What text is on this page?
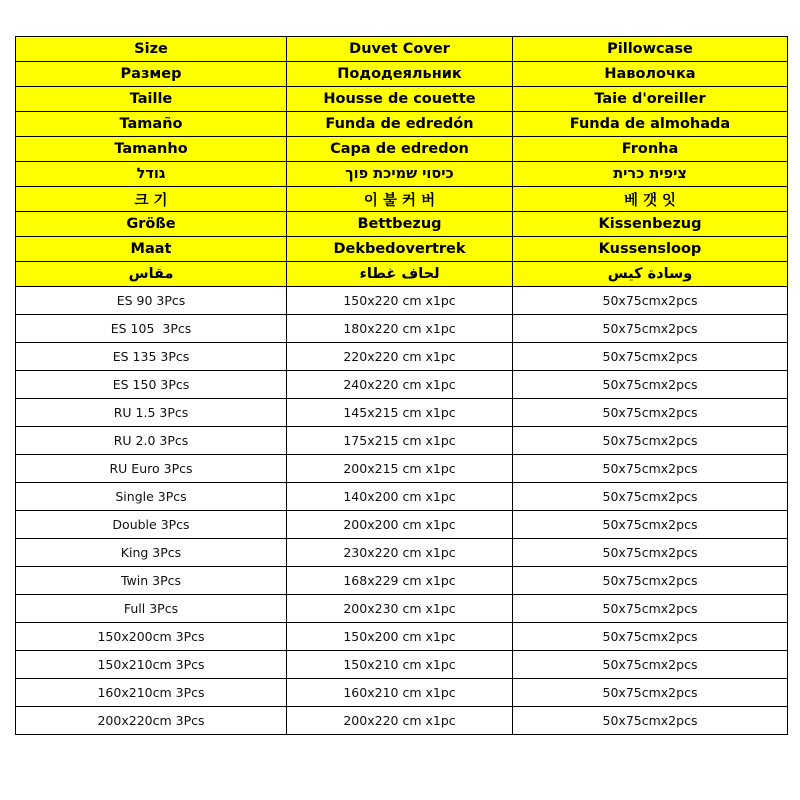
Size	Duvet Cover	Pillowcase
Размер	Пододеяльник	Наволочка
Taille	Housse de couette	Taie d'oreiller
Tamaño	Funda de edredón	Funda de almohada
Tamanho	Capa de edredon	Fronha
גודל	כיסוי שמיכת פוך	ציפית כרית
크 기	이 불 커 버	베 갯 잇
Größe	Bettbezug	Kissenbezug
Maat	Dekbedovertrek	Kussensloop
مقاس	لحاف غطاء	وسادة كيس
ES 90 3Pcs	150x220 cm x1pc	50x75cmx2pcs
ES 105  3Pcs	180x220 cm x1pc	50x75cmx2pcs
ES 135 3Pcs	220x220 cm x1pc	50x75cmx2pcs
ES 150 3Pcs	240x220 cm x1pc	50x75cmx2pcs
RU 1.5 3Pcs	145x215 cm x1pc	50x75cmx2pcs
RU 2.0 3Pcs	175x215 cm x1pc	50x75cmx2pcs
RU Euro 3Pcs	200x215 cm x1pc	50x75cmx2pcs
Single 3Pcs	140x200 cm x1pc	50x75cmx2pcs
Double 3Pcs	200x200 cm x1pc	50x75cmx2pcs
King 3Pcs	230x220 cm x1pc	50x75cmx2pcs
Twin 3Pcs	168x229 cm x1pc	50x75cmx2pcs
Full 3Pcs	200x230 cm x1pc	50x75cmx2pcs
150x200cm 3Pcs	150x200 cm x1pc	50x75cmx2pcs
150x210cm 3Pcs	150x210 cm x1pc	50x75cmx2pcs
160x210cm 3Pcs	160x210 cm x1pc	50x75cmx2pcs
200x220cm 3Pcs	200x220 cm x1pc	50x75cmx2pcs
